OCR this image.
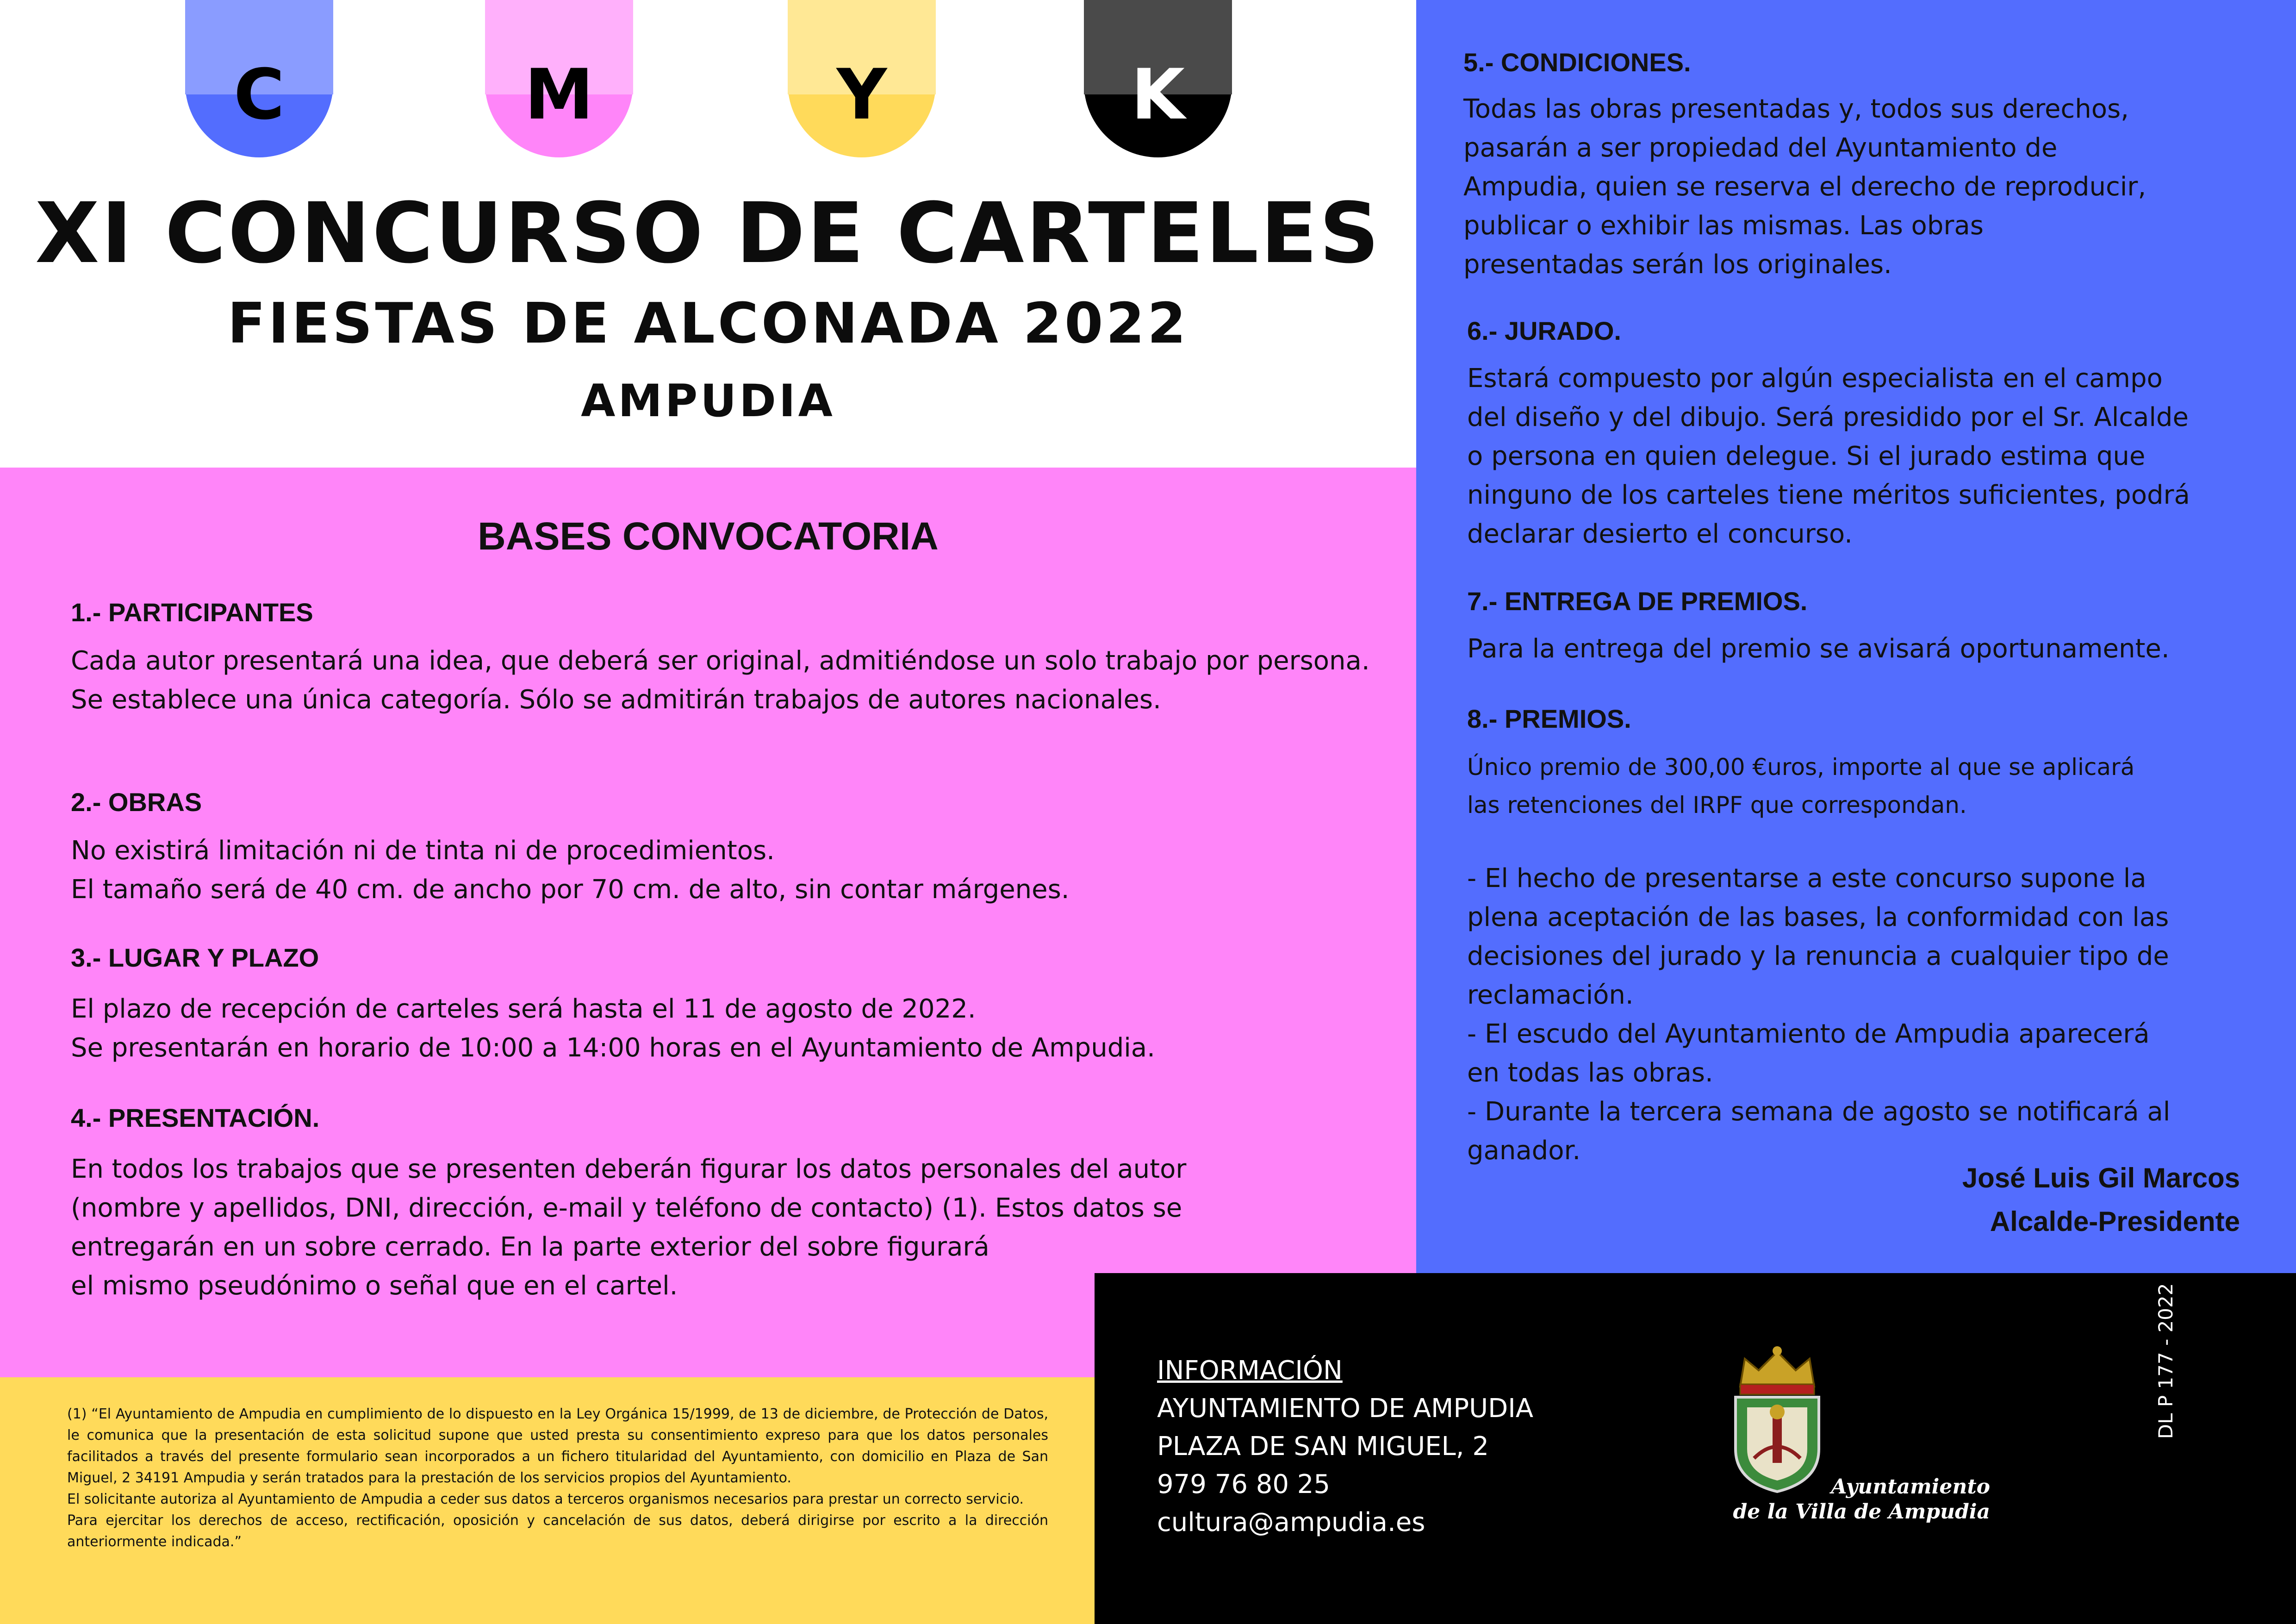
C	M	Y	K
XI CONCURSO DE CARTELES
FIESTAS DE ALCONADA 2022
AMPUDIA
BASES CONVOCATORIA
1.- PARTICIPANTES
Cada autor presentará una idea, que deberá ser original, admitiéndose un solo trabajo por persona.
Se establece una única categoría. Sólo se admitirán trabajos de autores nacionales.
2.- OBRAS
No existirá limitación ni de tinta ni de procedimientos.
El tamaño será de 40 cm. de ancho por 70 cm. de alto, sin contar márgenes.
3.- LUGAR Y PLAZO
El plazo de recepción de carteles será hasta el 11 de agosto de 2022.
Se presentarán en horario de 10:00 a 14:00 horas en el Ayuntamiento de Ampudia.
4.- PRESENTACIÓN.
En todos los trabajos que se presenten deberán figurar los datos personales del autor
(nombre y apellidos, DNI, dirección, e-mail y teléfono de contacto) (1). Estos datos se
entregarán en un sobre cerrado. En la parte exterior del sobre figurará
el mismo pseudónimo o señal que en el cartel.
5.- CONDICIONES.
Todas las obras presentadas y, todos sus derechos,
pasarán a ser propiedad del Ayuntamiento de
Ampudia, quien se reserva el derecho de reproducir,
publicar o exhibir las mismas. Las obras
presentadas serán los originales.
6.- JURADO.
Estará compuesto por algún especialista en el campo
del diseño y del dibujo. Será presidido por el Sr. Alcalde
o persona en quien delegue. Si el jurado estima que
ninguno de los carteles tiene méritos suficientes, podrá
declarar desierto el concurso.
7.- ENTREGA DE PREMIOS.
Para la entrega del premio se avisará oportunamente.
8.- PREMIOS.
Único premio de 300,00 €uros, importe al que se aplicará
las retenciones del IRPF que correspondan.
- El hecho de presentarse a este concurso supone la
plena aceptación de las bases, la conformidad con las
decisiones del jurado y la renuncia a cualquier tipo de
reclamación.
- El escudo del Ayuntamiento de Ampudia aparecerá
en todas las obras.
- Durante la tercera semana de agosto se notificará al
ganador.
José Luis Gil Marcos
Alcalde-Presidente
(1) “El Ayuntamiento de Ampudia en cumplimiento de lo dispuesto en la Ley Orgánica 15/1999, de 13 de diciembre, de Protección de Datos, le comunica que la presentación de esta solicitud supone que usted presta su consentimiento expreso para que los datos personales facilitados a través del presente formulario sean incorporados a un fichero titularidad del Ayuntamiento, con domicilio en Plaza de San Miguel, 2 34191 Ampudia y serán tratados para la prestación de los servicios propios del Ayuntamiento.
El solicitante autoriza al Ayuntamiento de Ampudia a ceder sus datos a terceros organismos necesarios para prestar un correcto servicio.
Para ejercitar los derechos de acceso, rectificación, oposición y cancelación de sus datos, deberá dirigirse por escrito a la dirección anteriormente indicada.”
INFORMACIÓN
AYUNTAMIENTO DE AMPUDIA
PLAZA DE SAN MIGUEL, 2
979 76 80 25
cultura@ampudia.es
Ayuntamiento
de la Villa de Ampudia
DL P 177 - 2022
